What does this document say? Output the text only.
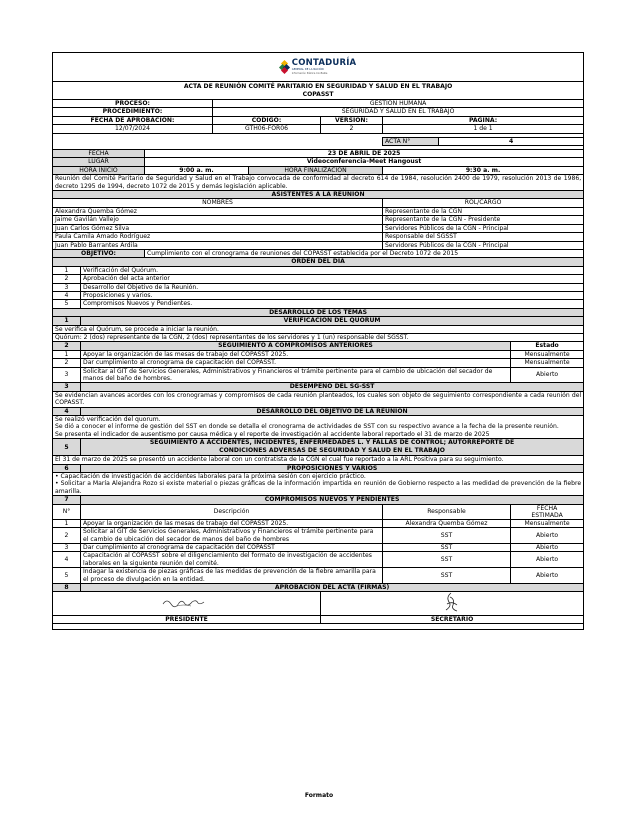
CONTADURÍA
GENERAL DE LA NACIÓN
Información Pública Confiable								

ACTA DE REUNIÓN COMITÉ PARITARIO EN SEGURIDAD Y SALUD EN EL TRABAJO
COPASST								

PROCESO:			GESTIÓN HUMANA					
PROCEDIMIENTO:			SEGURIDAD Y SALUD EN EL TRABAJO					
FECHA DE APROBACIÓN:			CÓDIGO:		VERSIÓN:	PÁGINA:		
12/07/2024			GTH06-FOR06		2	1 de 1		

						ACTA N°	4	

FECHA		23 DE ABRIL DE 2025						
LUGAR		Videoconferencia-Meet Hangoust						
HORA INICIO		9:00 a. m.		HORA FINALIZACIÓN		9:30 a. m.		
Reunión del Comité Paritario de Seguridad y Salud en el Trabajo convocada de conformidad al decreto 614 de 1984, resolución 2400 de 1979, resolución 2013 de 1986, decreto 1295 de 1994, decreto 1072 de 2015 y demás legislación aplicable.								
ASISTENTES A LA REUNIÓN								
NOMBRES						ROL/CARGO		
Alexandra Quemba Gómez						Representante de la CGN		
Jaime Gavilán Vallejo						Representante de la CGN - Presidente		
Juan Carlos Gómez Silva						Servidores Públicos de la CGN - Principal		
Paula Camila Amado Rodríguez						Responsable del SGSST		
Juan Pablo Barrantes Ardila						Servidores Públicos de la CGN - Principal		
OBJETIVO:		Cumplimiento con el cronograma de reuniones del COPASST establecida por el Decreto 1072 de 2015						
ORDEN DEL DÍA								
1	Verificación del Quórum.							
2	Aprobación del acta anterior							
3	Desarrollo del Objetivo de la Reunión.							
4	Proposiciones y varios.							
5	Compromisos Nuevos y Pendientes.							
DESARROLLO DE LOS TEMAS								
1	VERIFICACIÓN DEL QUORUM							
Se verifica el Quórum, se procede a iniciar la reunión.								
Quórum: 2 (dos) representante de la CGN, 2 (dos) representantes de los servidores y 1 (un) responsable del SGSST.								
2	SEGUIMIENTO A COMPROMISOS ANTERIORES							Estado
1	Apoyar la organización de las mesas de trabajo del COPASST 2025.							Mensualmente
2	Dar cumplimiento al cronograma de capacitación del COPASST.							Mensualmente
3	Solicitar al GIT de Servicios Generales, Administrativos y Financieros el trámite pertinente para el cambio de ubicación del secador de manos del baño de hombres.							Abierto
3	DESEMPEÑO DEL SG-SST							
Se evidencian avances acordes con los cronogramas y compromisos de cada reunión planteados, los cuales son objeto de seguimiento correspondiente a cada reunión del COPASST.								
4	DESARROLLO DEL OBJETIVO DE LA REUNIÓN							

Se realizó verificación del quorum.
Se dió a conocer el informe de gestión del SST en donde se detalla el cronograma de actividades de SST con su respectivo avance a la fecha de la presente reunión.
Se presenta el indicador de ausentismo por causa médica y el reporte de investigación al accidente laboral reportado el 31 de marzo de 2025								

5	SEGUIMIENTO A ACCIDENTES, INCIDENTES, ENFERMEDADES L. Y FALLAS DE CONTROL; AUTORREPORTE DE
CONDICIONES ADVERSAS DE SEGURIDAD Y SALUD EN EL TRABAJO							

El 31 de marzo de 2025 se presentó un accidente laboral con un contratista de la CGN el cual fue reportado a la ARL Positiva para su seguimiento.								
6	PROPOSICIONES Y VARIOS							

• Capacitación de investigación de accidentes laborales para la próxima sesión con ejercicio práctico.
• Solicitar a María Alejandra Rozo si existe material o piezas gráficas de la información impartida en reunión de Gobierno respecto a las medidad de prevención de la fiebre amarilla.								

7	COMPROMISOS NUEVOS Y PENDIENTES							
N°	Descripción					Responsable		FECHA
ESTIMADA

1	Apoyar la organización de las mesas de trabajo del COPASST 2025.					Alexandra Quemba Gómez		Mensualmente
2	Solicitar al GIT de Servicios Generales, Administrativos y Financieros el trámite pertinente para el cambio de ubicación del secador de manos del baño de hombres					SST		Abierto
3	Dar cumplimiento al cronograma de capacitación del COPASST					SST		Abierto
4	Capacitación al COPASST sobre el diligenciamiento del formato de investigación de accidentes laborales en la siguiente reunión del comité.					SST		Abierto
5	Indagar la existencia de piezas gráficas de las medidas de prevención de la fiebre amarilla para el proceso de divulgación en la entidad.					SST		Abierto
8	APROBACIÓN DEL ACTA (FIRMAS)							

PRESIDENTE					SECRETARIO			

Formato
